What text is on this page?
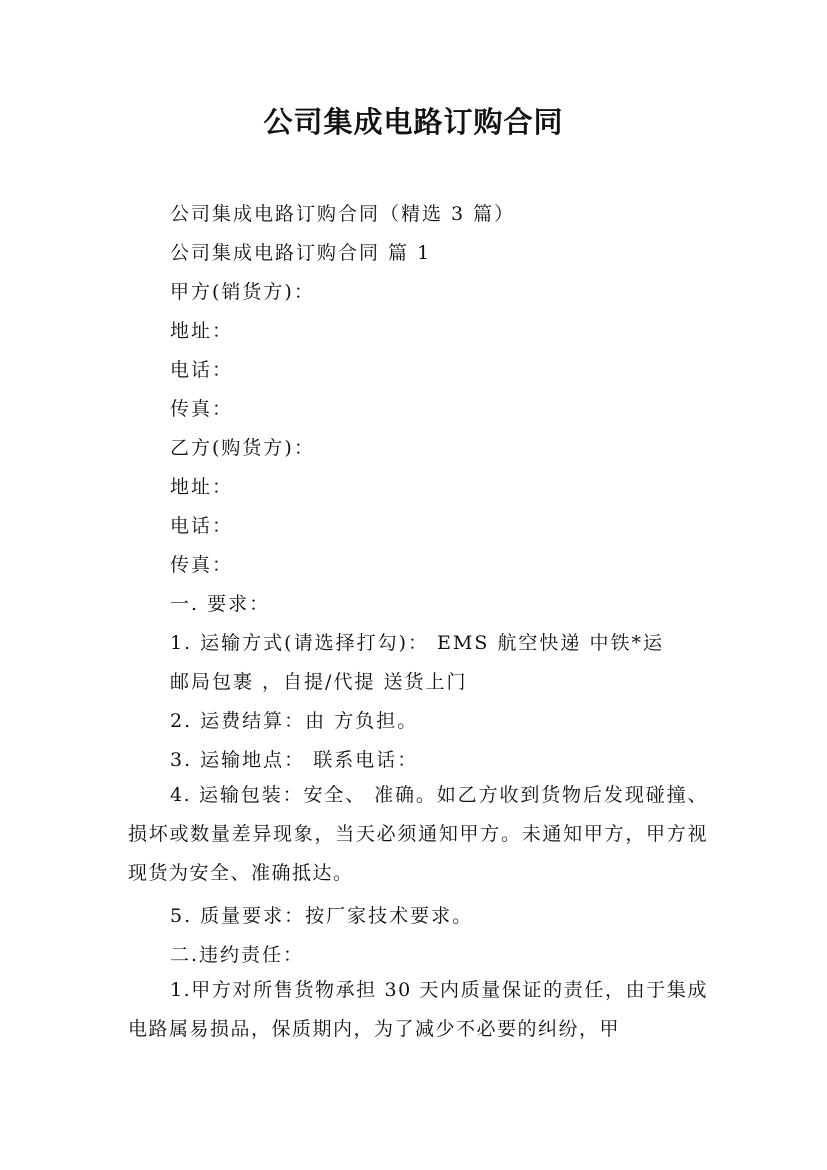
公司集成电路订购合同
公司集成电路订购合同（精选 3 篇）
公司集成电路订购合同 篇 1
甲方(销货方)：
地址：
电话：
传真：
乙方(购货方)：
地址：
电话：
传真：
一. 要求：
1. 运输方式(请选择打勾)： EMS 航空快递 中铁*运
邮局包裹 ，自提/代提 送货上门
2. 运费结算：由 方负担。
3. 运输地点： 联系电话：
4. 运输包装：安全、 准确。如乙方收到货物后发现碰撞、损坏或数量差异现象，当天必须通知甲方。未通知甲方，甲方视现货为安全、准确抵达。
5. 质量要求：按厂家技术要求。
二.违约责任：
1.甲方对所售货物承担 30 天内质量保证的责任，由于集成电路属易损品，保质期内，为了减少不必要的纠纷，甲
